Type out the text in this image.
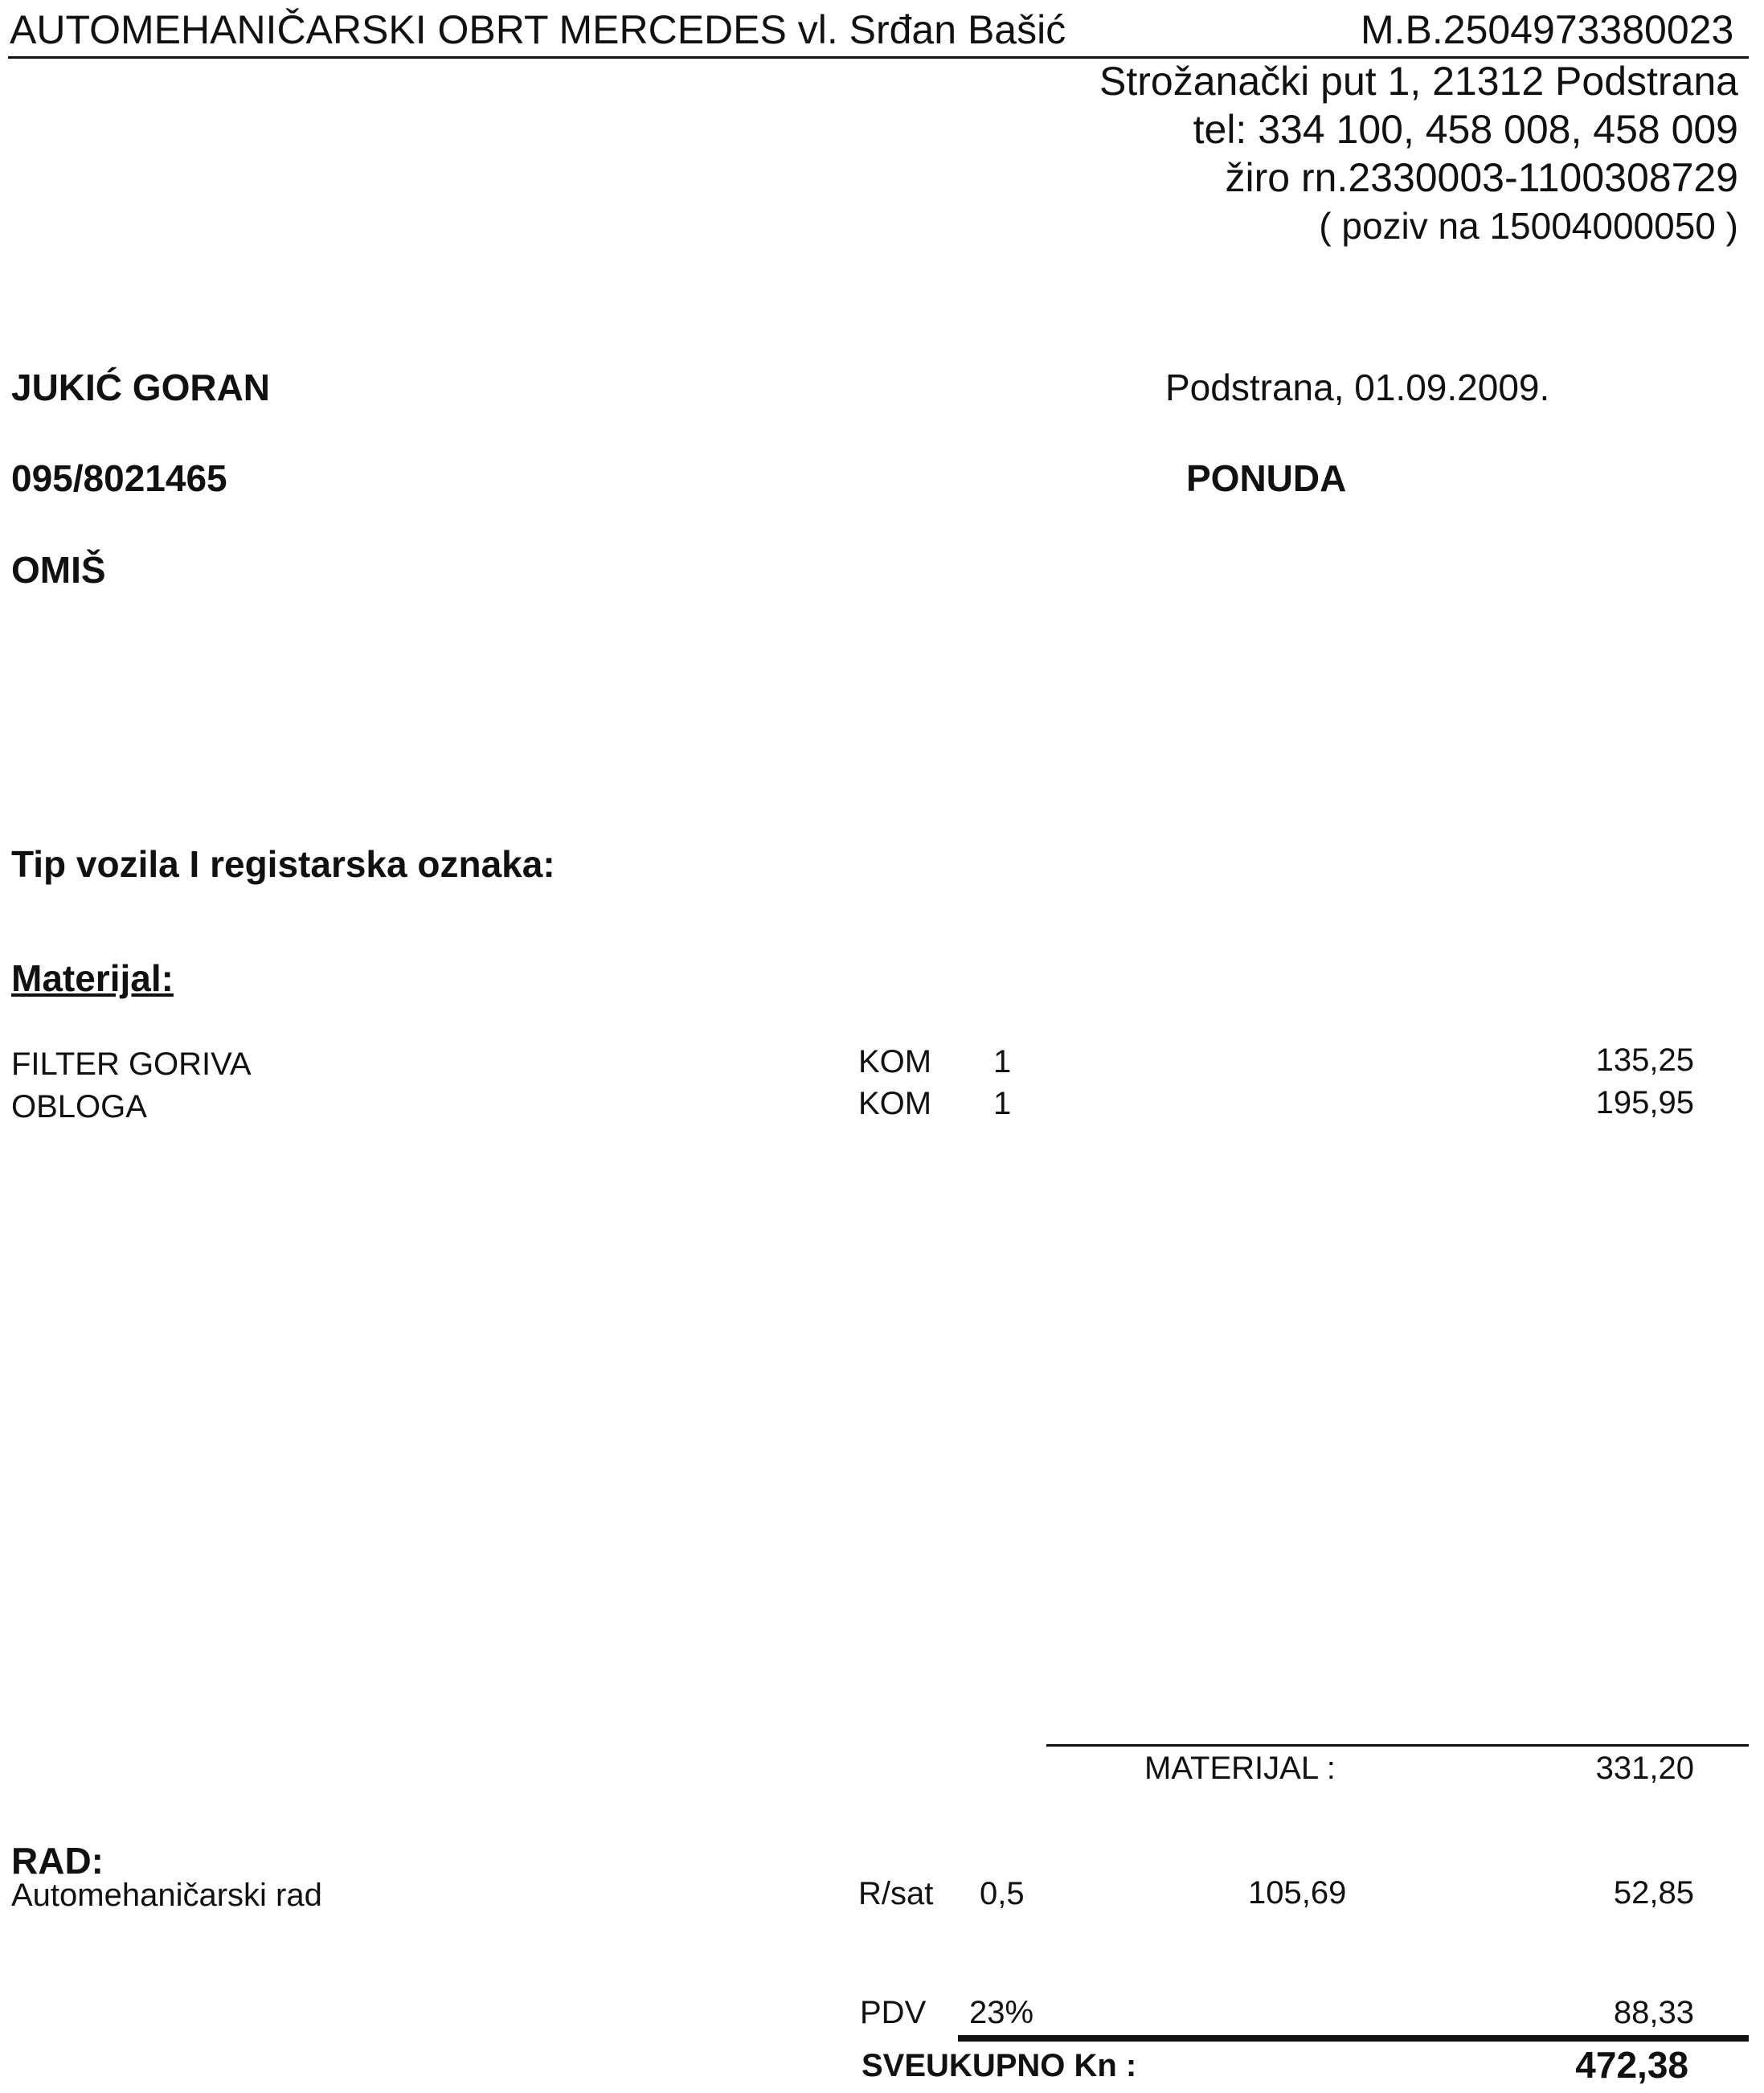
AUTOMEHANIČARSKI OBRT MERCEDES vl. Srđan Bašić	M.B.2504973380023
Strožanački put 1, 21312 Podstrana
tel: 334 100, 458 008, 458 009
žiro rn.2330003-1100308729
( poziv na 15004000050 )
JUKIĆ GORAN
095/8021465
OMIŠ
Podstrana, 01.09.2009.
PONUDA
Tip vozila I registarska oznaka:
Materijal:
FILTER GORIVA	KOM 1	135,25
OBLOGA	KOM 1	195,95
MATERIJAL :	331,20
RAD:
Automehaničarski rad	R/sat 0,5	105,69	52,85
PDV 23%	88,33
SVEUKUPNO Kn :	472,38
